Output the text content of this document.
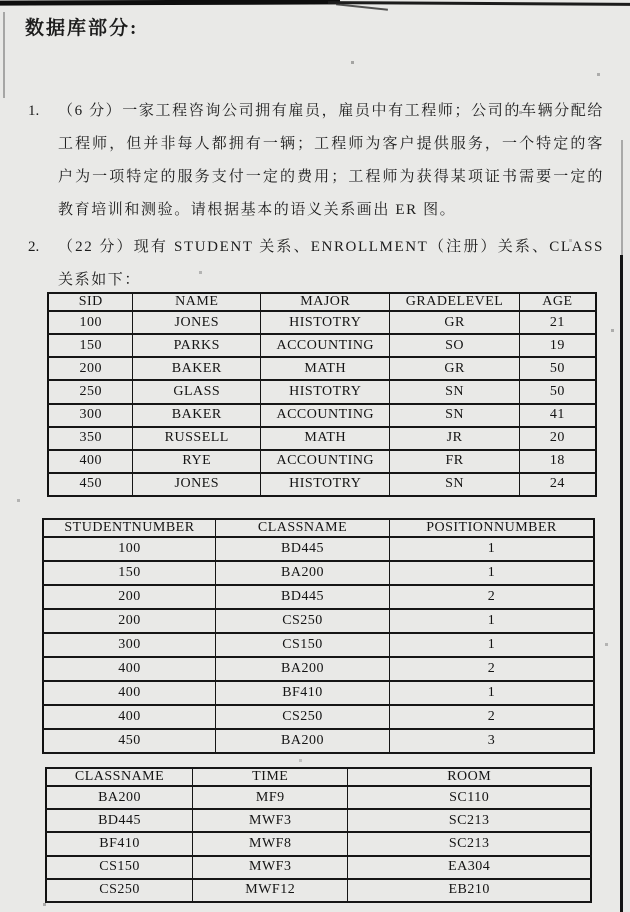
数据库部分:
1. （6 分）一家工程咨询公司拥有雇员，雇员中有工程师；公司的车辆分配给工程师，但并非每人都拥有一辆；工程师为客户提供服务，一个特定的客户为一项特定的服务支付一定的费用；工程师为获得某项证书需要一定的教育培训和测验。请根据基本的语义关系画出 ER 图。
2. （22 分）现有 STUDENT 关系、ENROLLMENT（注册）关系、CLASS 关系如下：
SID	NAME	MAJOR	GRADELEVEL	AGE
100	JONES	HISTOTRY	GR	21
150	PARKS	ACCOUNTING	SO	19
200	BAKER	MATH	GR	50
250	GLASS	HISTOTRY	SN	50
300	BAKER	ACCOUNTING	SN	41
350	RUSSELL	MATH	JR	20
400	RYE	ACCOUNTING	FR	18
450	JONES	HISTOTRY	SN	24
STUDENTNUMBER	CLASSNAME	POSITIONNUMBER
100	BD445	1
150	BA200	1
200	BD445	2
200	CS250	1
300	CS150	1
400	BA200	2
400	BF410	1
400	CS250	2
450	BA200	3
CLASSNAME	TIME	ROOM
BA200	MF9	SC110
BD445	MWF3	SC213
BF410	MWF8	SC213
CS150	MWF3	EA304
CS250	MWF12	EB210
